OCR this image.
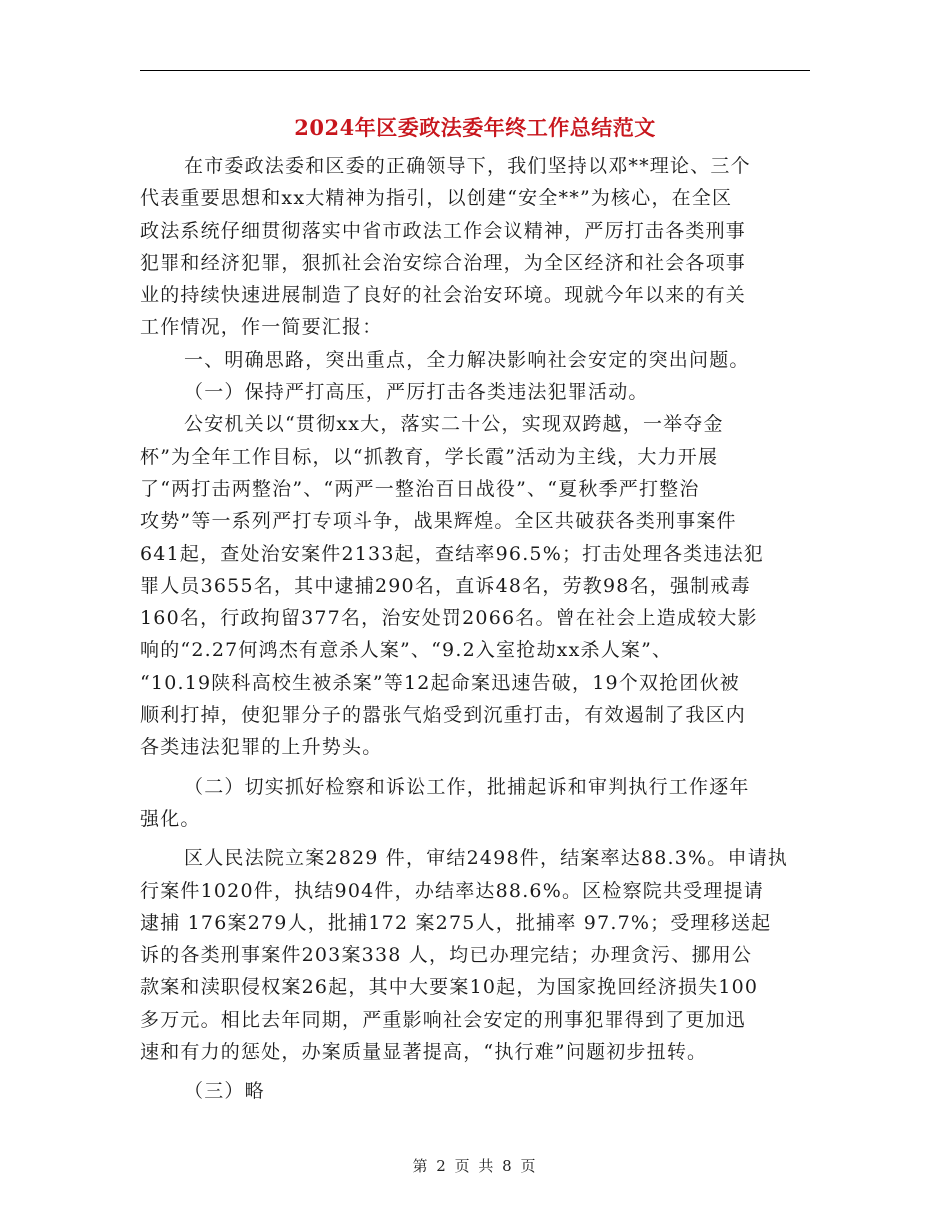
2024年区委政法委年终工作总结范文
在市委政法委和区委的正确领导下，我们坚持以邓**理论、三个
代表重要思想和xx大精神为指引，以创建“安全**”为核心，在全区
政法系统仔细贯彻落实中省市政法工作会议精神，严厉打击各类刑事
犯罪和经济犯罪，狠抓社会治安综合治理，为全区经济和社会各项事
业的持续快速进展制造了良好的社会治安环境。现就今年以来的有关
工作情况，作一简要汇报：
一、明确思路，突出重点，全力解决影响社会安定的突出问题。
（一）保持严打高压，严厉打击各类违法犯罪活动。
公安机关以“贯彻xx大，落实二十公，实现双跨越，一举夺金
杯”为全年工作目标，以“抓教育，学长霞”活动为主线，大力开展
了“两打击两整治”、“两严一整治百日战役”、“夏秋季严打整治
攻势”等一系列严打专项斗争，战果辉煌。全区共破获各类刑事案件
641起，查处治安案件2133起，查结率96.5%；打击处理各类违法犯
罪人员3655名，其中逮捕290名，直诉48名，劳教98名，强制戒毒
160名，行政拘留377名，治安处罚2066名。曾在社会上造成较大影
响的“2.27何鸿杰有意杀人案”、“9.2入室抢劫xx杀人案”、
“10.19陕科高校生被杀案”等12起命案迅速告破，19个双抢团伙被
顺利打掉，使犯罪分子的嚣张气焰受到沉重打击，有效遏制了我区内
各类违法犯罪的上升势头。
（二）切实抓好检察和诉讼工作，批捕起诉和审判执行工作逐年
强化。
区人民法院立案2829 件，审结2498件，结案率达88.3%。申请执
行案件1020件，执结904件，办结率达88.6%。区检察院共受理提请
逮捕 176案279人，批捕172 案275人，批捕率 97.7%；受理移送起
诉的各类刑事案件203案338 人，均已办理完结；办理贪污、挪用公
款案和渎职侵权案26起，其中大要案10起，为国家挽回经济损失100
多万元。相比去年同期，严重影响社会安定的刑事犯罪得到了更加迅
速和有力的惩处，办案质量显著提高，“执行难”问题初步扭转。
（三）略
第 2 页 共 8 页
